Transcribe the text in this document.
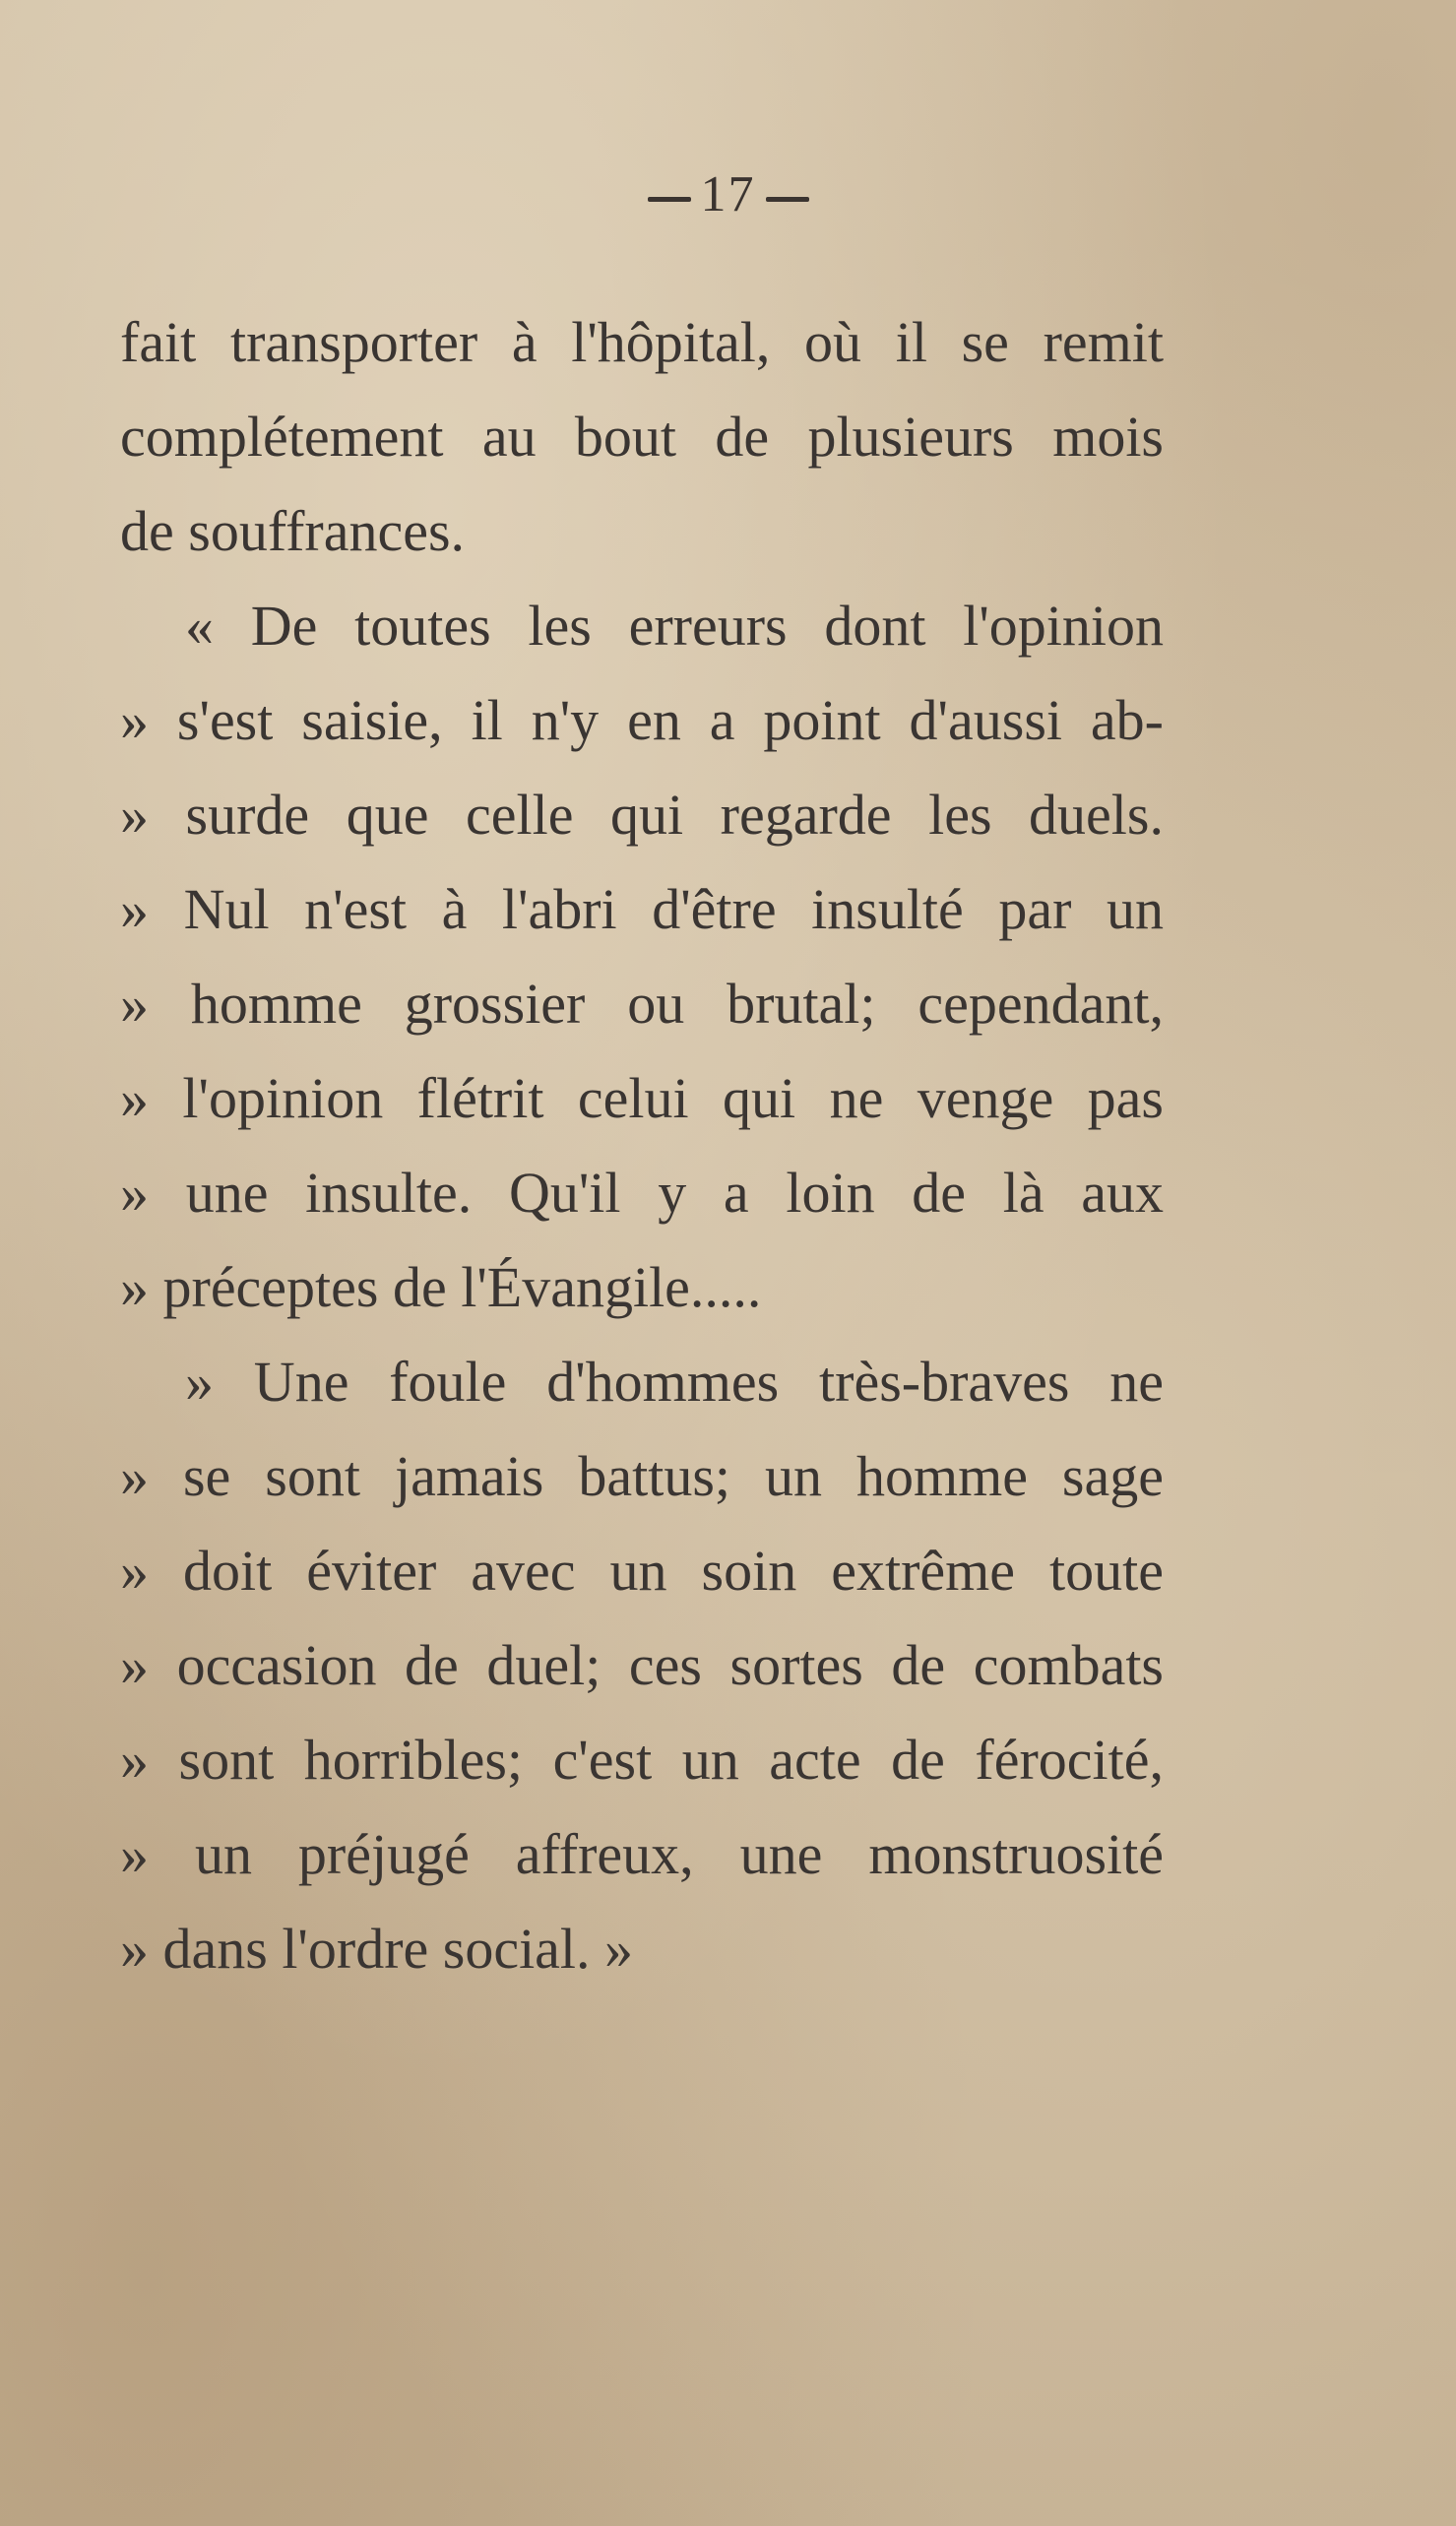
17
fait transporter à l'hôpital, où il se remit
complétement au bout de plusieurs mois
de souffrances.
« De toutes les erreurs dont l'opinion
» s'est saisie, il n'y en a point d'aussi ab-
» surde que celle qui regarde les duels.
» Nul n'est à l'abri d'être insulté par un
» homme grossier ou brutal; cependant,
» l'opinion flétrit celui qui ne venge pas
» une insulte. Qu'il y a loin de là aux
» préceptes de l'Évangile.....
» Une foule d'hommes très-braves ne
» se sont jamais battus; un homme sage
» doit éviter avec un soin extrême toute
» occasion de duel; ces sortes de combats
» sont horribles; c'est un acte de férocité,
» un préjugé affreux, une monstruosité
» dans l'ordre social. »
